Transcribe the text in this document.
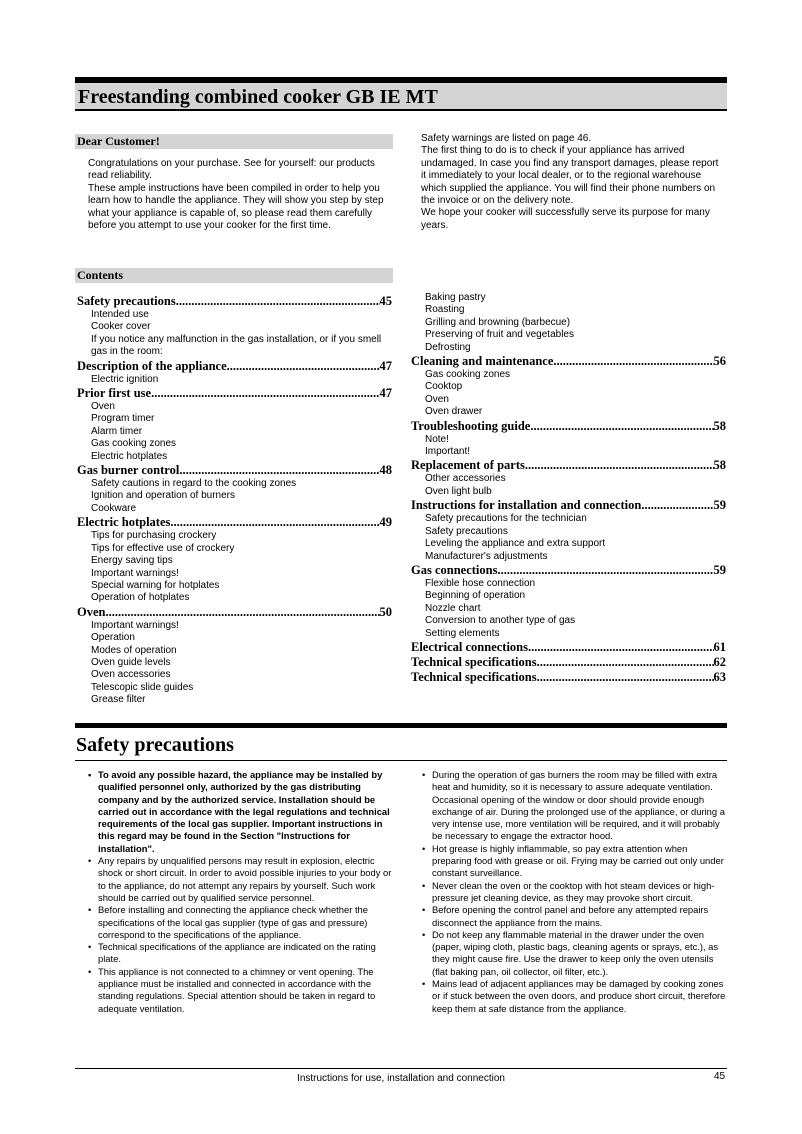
Freestanding combined cooker GB IE MT
Dear Customer!

Congratulations on your purchase. See for yourself: our products read reliability.

These ample instructions have been compiled in order to help you learn how to handle the appliance. They will show you step by step what your appliance is capable of, so please read them carefully before you attempt to use your cooker for the first time.

Safety warnings are listed on page 46.

The first thing to do is to check if your appliance has arrived undamaged. In case you find any transport damages, please report it immediately to your local dealer, or to the regional warehouse which supplied the appliance. You will find their phone numbers on the invoice or on the delivery note.

We hope your cooker will successfully serve its purpose for many years.

Contents
Safety precautions .....	45
Intended use
Cooker cover
If you notice any malfunction in the gas installation, or if you smell gas in the room:
Description of the appliance .....	47
Electric ignition
Prior first use .....	47
Oven
Program timer
Alarm timer
Gas cooking zones
Electric hotplates
Gas burner control .....	48
Safety cautions in regard to the cooking zones
Ignition and operation of burners
Cookware
Electric hotplates .....	49
Tips for purchasing crockery
Tips for effective use of crockery
Energy saving tips
Important warnings!
Special warning for hotplates
Operation of hotplates
Oven .....	50
Important warnings!
Operation
Modes of operation
Oven guide levels
Oven accessories
Telescopic slide guides
Grease filter
Baking pastry
Roasting
Grilling and browning (barbecue)
Preserving of fruit and vegetables
Defrosting
Cleaning and maintenance .....	56
Gas cooking zones
Cooktop
Oven
Oven drawer
Troubleshooting guide .....	58
Note!
Important!
Replacement of parts .....	58
Other accessories
Oven light bulb
Instructions for installation and connection .....	59
Safety precautions for the technician
Safety precautions
Leveling the appliance and extra support
Manufacturer's adjustments
Gas connections .....	59
Flexible hose connection
Beginning of operation
Nozzle chart
Conversion to another type of gas
Setting elements
Electrical connections .....	61
Technical specifications .....	62
Technical specifications .....	63
Safety precautions
• To avoid any possible hazard, the appliance may be installed by qualified personnel only, authorized by the gas distributing company and by the authorized service. Installation should be carried out in accordance with the legal regulations and technical requirements of the local gas supplier. Important instructions in this regard may be found in the Section "Instructions for installation".
• Any repairs by unqualified persons may result in explosion, electric shock or short circuit. In order to avoid possible injuries to your body or to the appliance, do not attempt any repairs by yourself. Such work should be carried out by qualified service personnel.
• Before installing and connecting the appliance check whether the specifications of the local gas supplier (type of gas and pressure) correspond to the specifications of the appliance.
• Technical specifications of the appliance are indicated on the rating plate.
• This appliance is not connected to a chimney or vent opening. The appliance must be installed and connected in accordance with the standing regulations. Special attention should be taken in regard to adequate ventilation.
• During the operation of gas burners the room may be filled with extra heat and humidity, so it is necessary to assure adequate ventilation. Occasional opening of the window or door should provide enough exchange of air. During the prolonged use of the appliance, or during a very intense use, more ventilation will be required, and it will probably be necessary to engage the extractor hood.
• Hot grease is highly inflammable, so pay extra attention when preparing food with grease or oil. Frying may be carried out only under constant surveillance.
• Never clean the oven or the cooktop with hot steam devices or high-pressure jet cleaning device, as they may provoke short circuit.
• Before opening the control panel and before any attempted repairs disconnect the appliance from the mains.
• Do not keep any flammable material in the drawer under the oven (paper, wiping cloth, plastic bags, cleaning agents or sprays, etc.), as they might cause fire. Use the drawer to keep only the oven utensils (flat baking pan, oil collector, oil filter, etc.).
• Mains lead of adjacent appliances may be damaged by cooking zones or if stuck between the oven doors, and produce short circuit, therefore keep them at safe distance from the appliance.
Instructions for use, installation and connection	45
